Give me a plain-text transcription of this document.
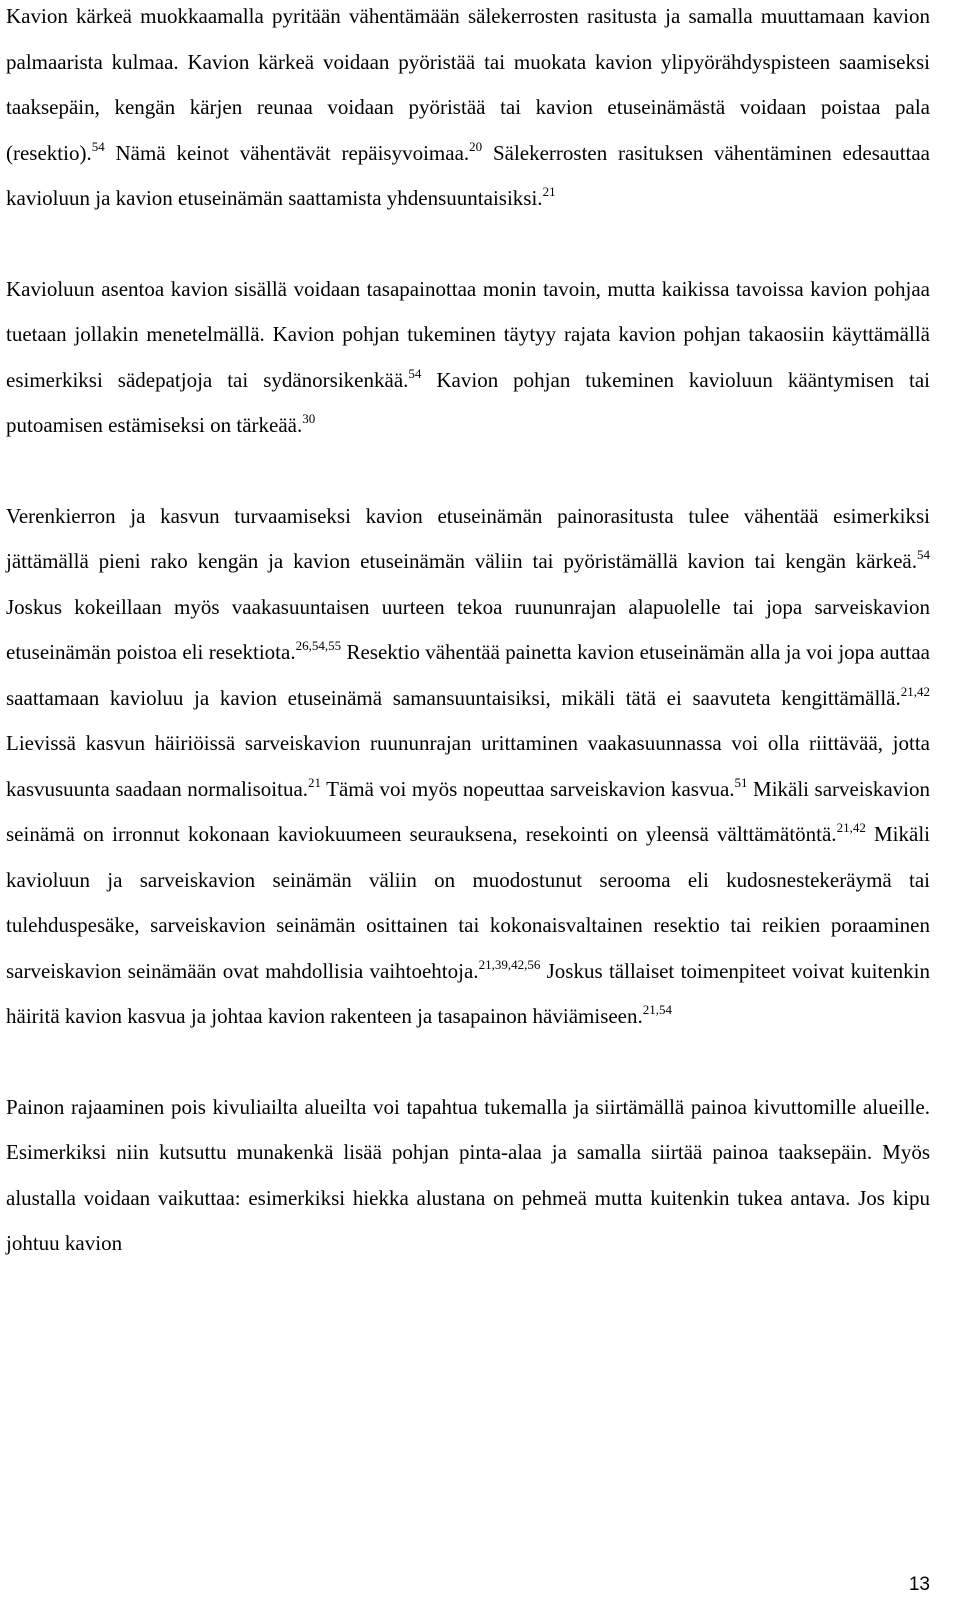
Kavion kärkeä muokkaamalla pyritään vähentämään sälekerrosten rasitusta ja samalla muuttamaan kavion palmaarista kulmaa. Kavion kärkeä voidaan pyöristää tai muokata kavion ylipyörähdyspisteen saamiseksi taaksepäin, kengän kärjen reunaa voidaan pyöristää tai kavion etuseinämästä voidaan poistaa pala (resektio).$^{54}$ Nämä keinot vähentävät repäisyvoimaa.$^{20}$ Sälekerrosten rasituksen vähentäminen edesauttaa kavioluun ja kavion etuseinämän saattamista yhdensuuntaisiksi.$^{21}$

Kavioluun asentoa kavion sisällä voidaan tasapainottaa monin tavoin, mutta kaikissa tavoissa kavion pohjaa tuetaan jollakin menetelmällä. Kavion pohjan tukeminen täytyy rajata kavion pohjan takaosiin käyttämällä esimerkiksi sädepatjoja tai sydänorsikenkää.$^{54}$ Kavion pohjan tukeminen kavioluun kääntymisen tai putoamisen estämiseksi on tärkeää.$^{30}$

Verenkierron ja kasvun turvaamiseksi kavion etuseinämän painorasitusta tulee vähentää esimerkiksi jättämällä pieni rako kengän ja kavion etuseinämän väliin tai pyöristämällä kavion tai kengän kärkeä.$^{54}$ Joskus kokeillaan myös vaakasuuntaisen uurteen tekoa ruununrajan alapuolelle tai jopa sarveiskavion etuseinämän poistoa eli resektiota.$^{26,54,55}$ Resektio vähentää painetta kavion etuseinämän alla ja voi jopa auttaa saattamaan kavioluu ja kavion etuseinämä samansuuntaisiksi, mikäli tätä ei saavuteta kengittämällä.$^{21,42}$ Lievissä kasvun häiriöissä sarveiskavion ruununrajan urittaminen vaakasuunnassa voi olla riittävää, jotta kasvusuunta saadaan normalisoitua.$^{21}$ Tämä voi myös nopeuttaa sarveiskavion kasvua.$^{51}$ Mikäli sarveiskavion seinämä on irronnut kokonaan kaviokuumeen seurauksena, resekointi on yleensä välttämätöntä.$^{21,42}$ Mikäli kavioluun ja sarveiskavion seinämän väliin on muodostunut serooma eli kudosnestekeräymä tai tulehduspesäke, sarveiskavion seinämän osittainen tai kokonaisvaltainen resektio tai reikien poraaminen sarveiskavion seinämään ovat mahdollisia vaihtoehtoja.$^{21,39,42,56}$ Joskus tällaiset toimenpiteet voivat kuitenkin häiritä kavion kasvua ja johtaa kavion rakenteen ja tasapainon häviämiseen.$^{21,54}$

Painon rajaaminen pois kivuliailta alueilta voi tapahtua tukemalla ja siirtämällä painoa kivuttomille alueille. Esimerkiksi niin kutsuttu munakenkä lisää pohjan pinta-alaa ja samalla siirtää painoa taaksepäin. Myös alustalla voidaan vaikuttaa: esimerkiksi hiekka alustana on pehmeä mutta kuitenkin tukea antava. Jos kipu johtuu kavion

13
